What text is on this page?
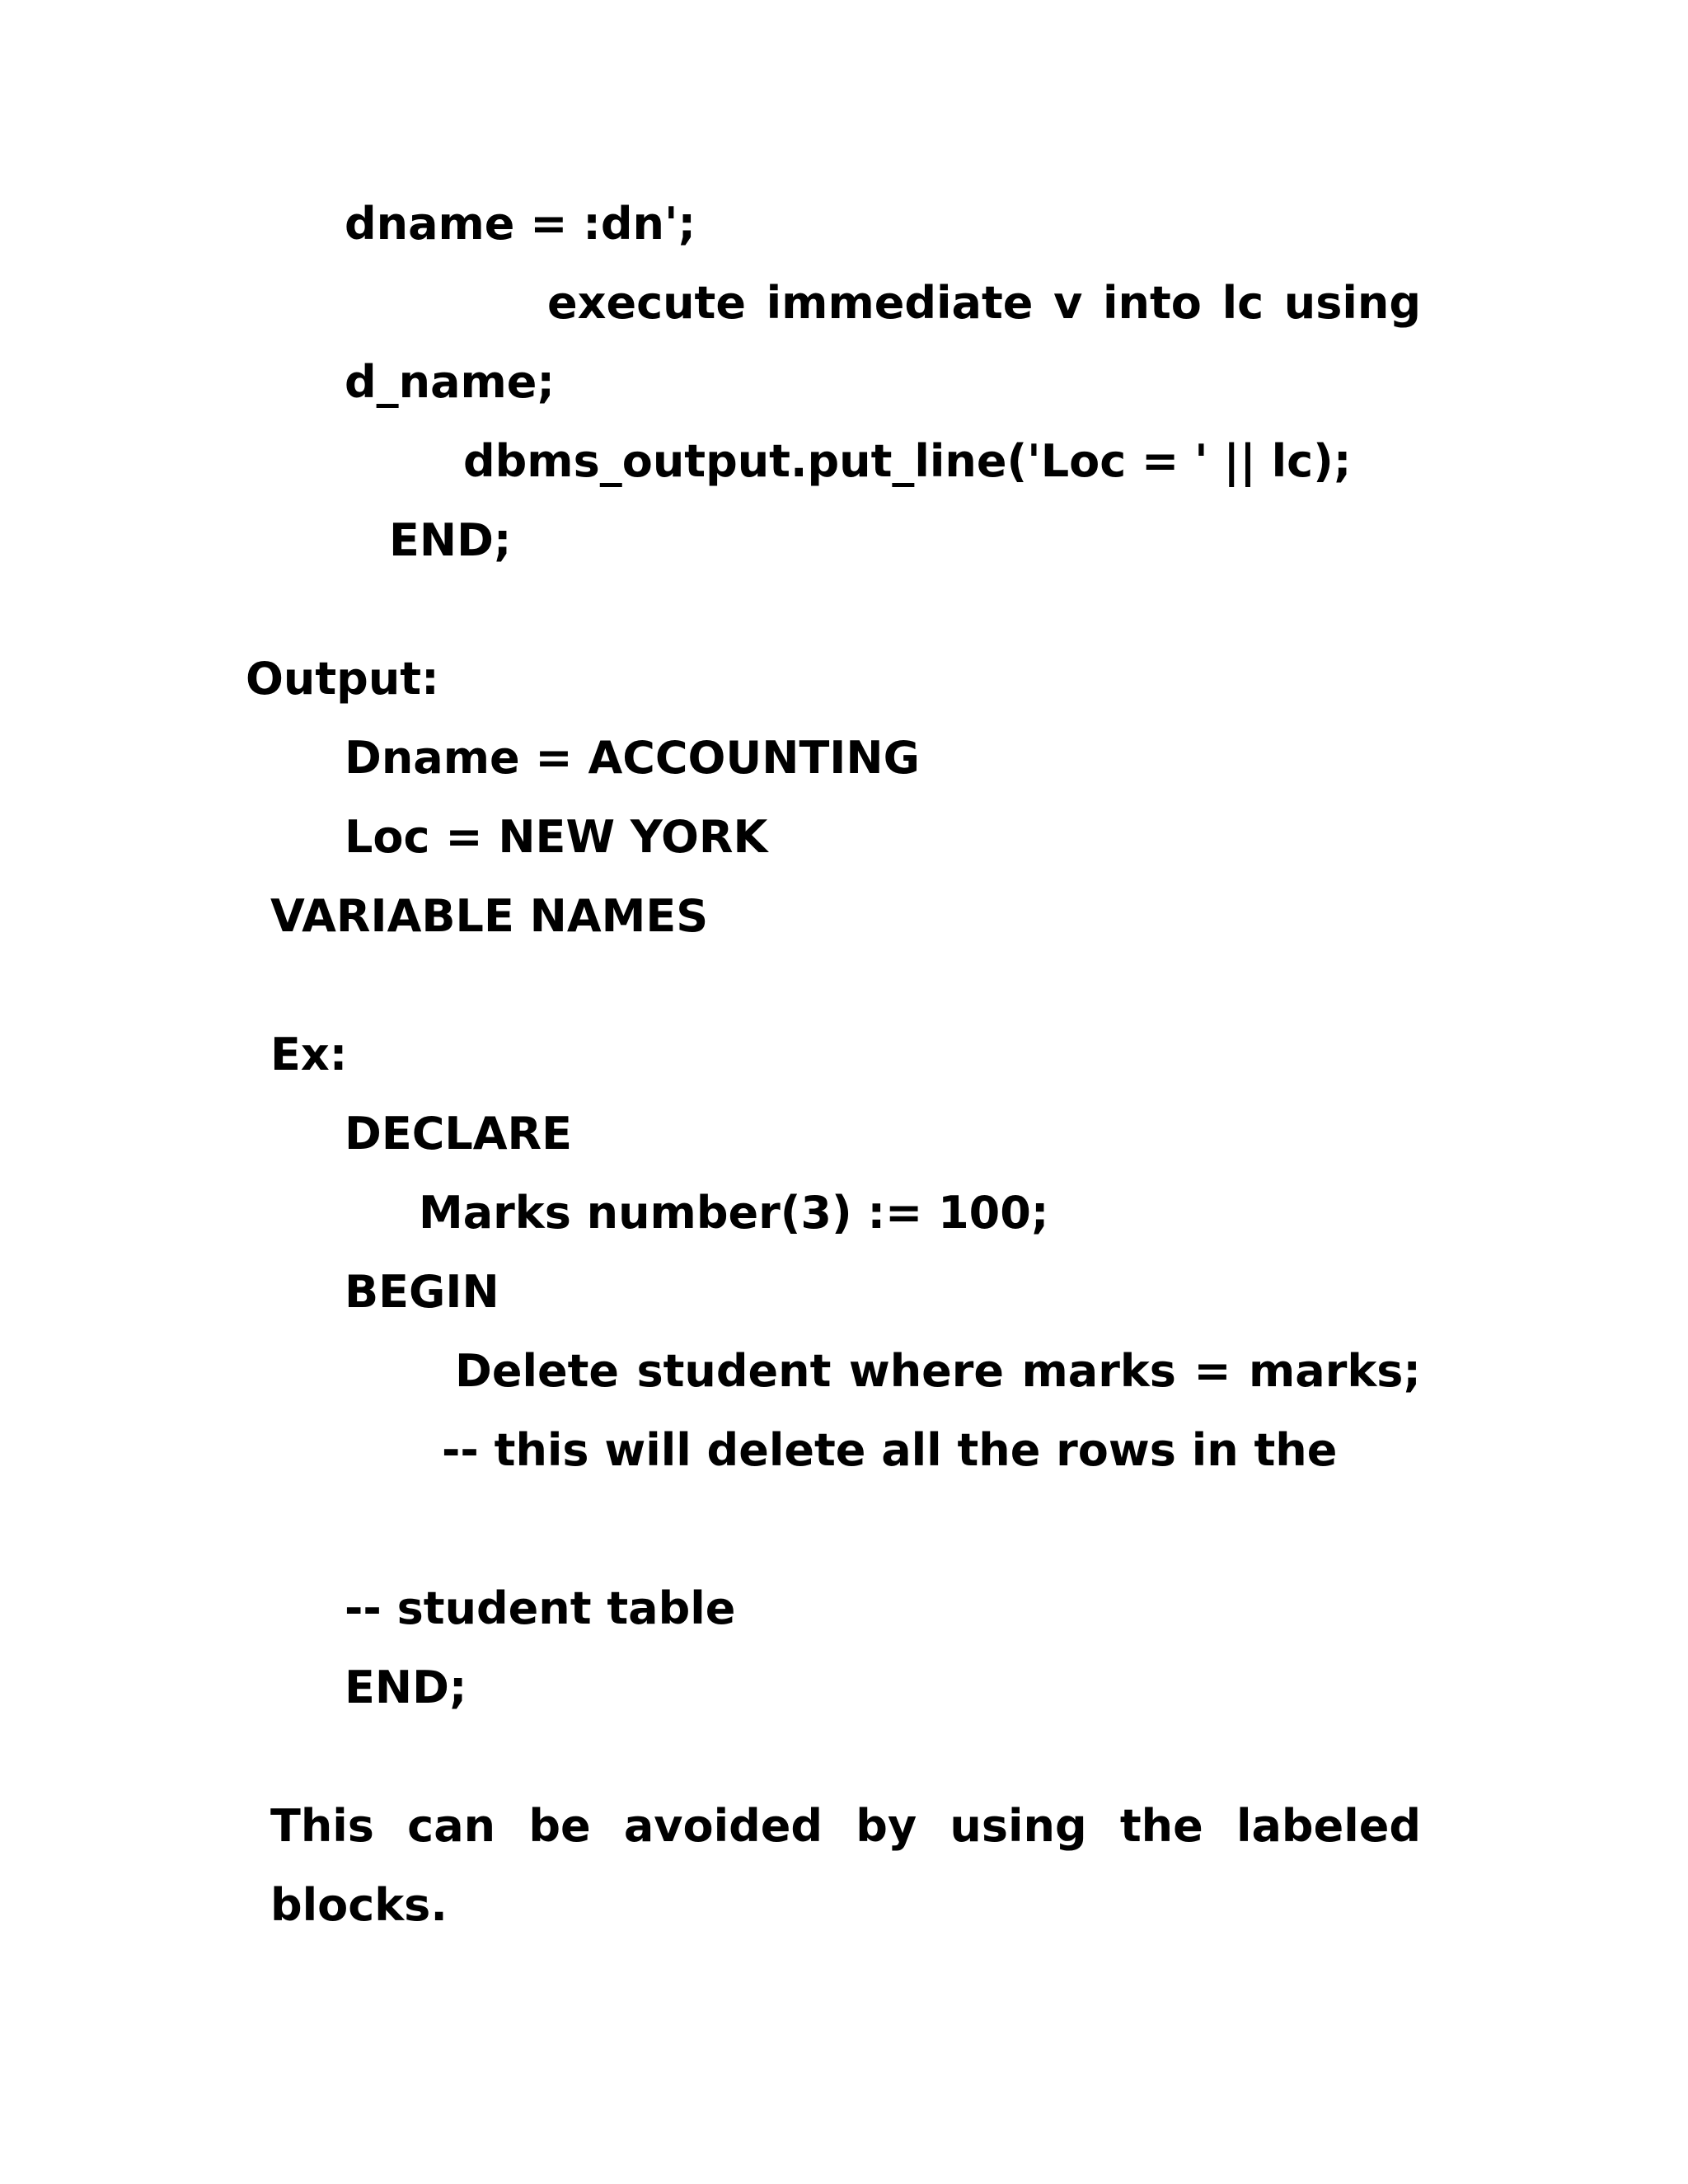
dname = :dn';

execute immediate v into lc using

d_name;

dbms_output.put_line('Loc = ' || lc);

END;

Output:

Dname = ACCOUNTING

Loc = NEW YORK

VARIABLE NAMES

Ex:

DECLARE

Marks number(3) := 100;

BEGIN

Delete student where marks = marks;

-- this will delete all the rows in the

-- student table

END;

This can be avoided by using the labeled

blocks.
